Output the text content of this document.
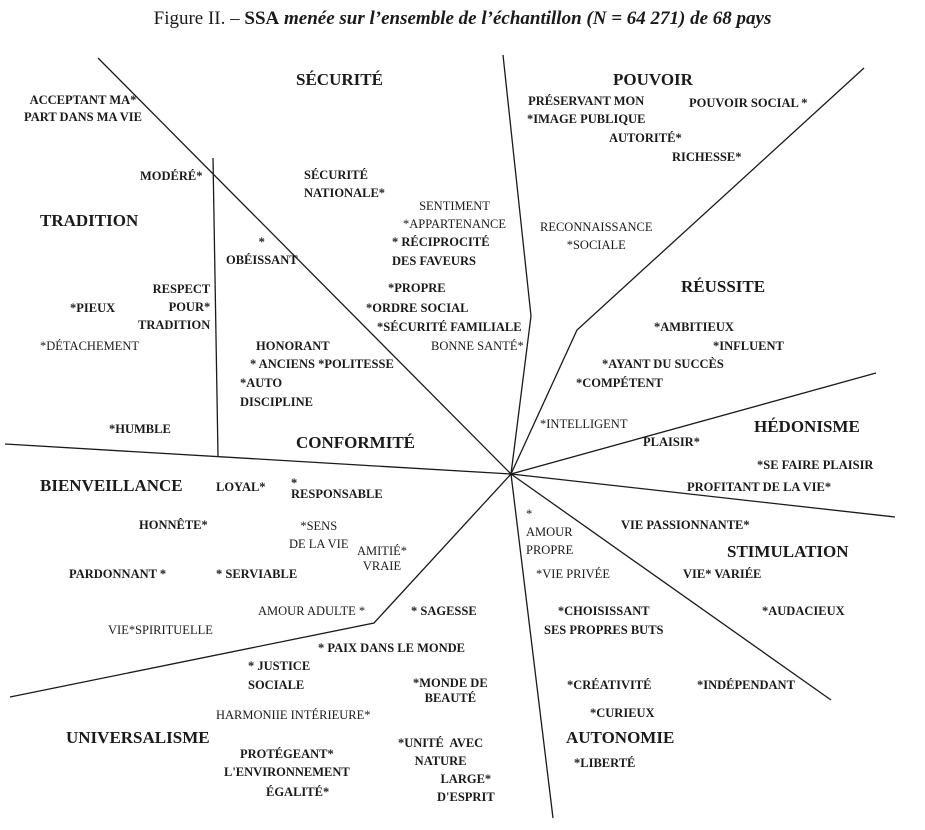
Figure II. – SSA menée sur l’ensemble de l’échantillon (N = 64 271) de 68 pays
SÉCURITÉ	POUVOIR
TRADITION
RÉUSSITE
CONFORMITÉ
HÉDONISME
BIENVEILLANCE
STIMULATION
UNIVERSALISME	AUTONOMIE
ACCEPTANT MA*
PART DANS MA VIE
MODÉRÉ*	SÉCURITÉ
NATIONALE*
SENTIMENT
*APPARTENANCE
* RÉCIPROCITÉ
DES FAVEURS
PRÉSERVANT MON
*IMAGE PUBLIQUE
POUVOIR SOCIAL *
AUTORITÉ*
RICHESSE*
RECONNAISSANCE
*SOCIALE
*
OBÉISSANT
RESPECT
POUR*
TRADITION
*PIEUX
*DÉTACHEMENT
*PROPRE
*ORDRE SOCIAL
*SÉCURITÉ FAMILIALE
BONNE SANTÉ*
*AMBITIEUX
*INFLUENT
*AYANT DU SUCCÈS
*COMPÉTENT
HONORANT
* ANCIENS *POLITESSE
*AUTO
DISCIPLINE
*INTELLIGENT
*HUMBLE
PLAISIR*
*SE FAIRE PLAISIR
PROFITANT DE LA VIE*
LOYAL* *
RESPONSABLE
*
AMOUR
PROPRE
HONNÊTE*	*SENS
DE LA VIE
VIE PASSIONNANTE*
AMITIÉ*
VRAIE
PARDONNANT *	* SERVIABLE	*VIE PRIVÉE	VIE* VARIÉE
AMOUR ADULTE *	* SAGESSE	*CHOISISSANT
SES PROPRES BUTS
*AUDACIEUX
VIE*SPIRITUELLE
* PAIX DANS LE MONDE
* JUSTICE
SOCIALE	*MONDE DE
BEAUTÉ
*CRÉATIVITÉ	*INDÉPENDANT
HARMONIIE INTÉRIEURE*	*CURIEUX
PROTÉGEANT*
L'ENVIRONNEMENT
*UNITÉ  AVEC
NATURE	*LIBERTÉ
LARGE*
D'ESPRIT
ÉGALITÉ*
